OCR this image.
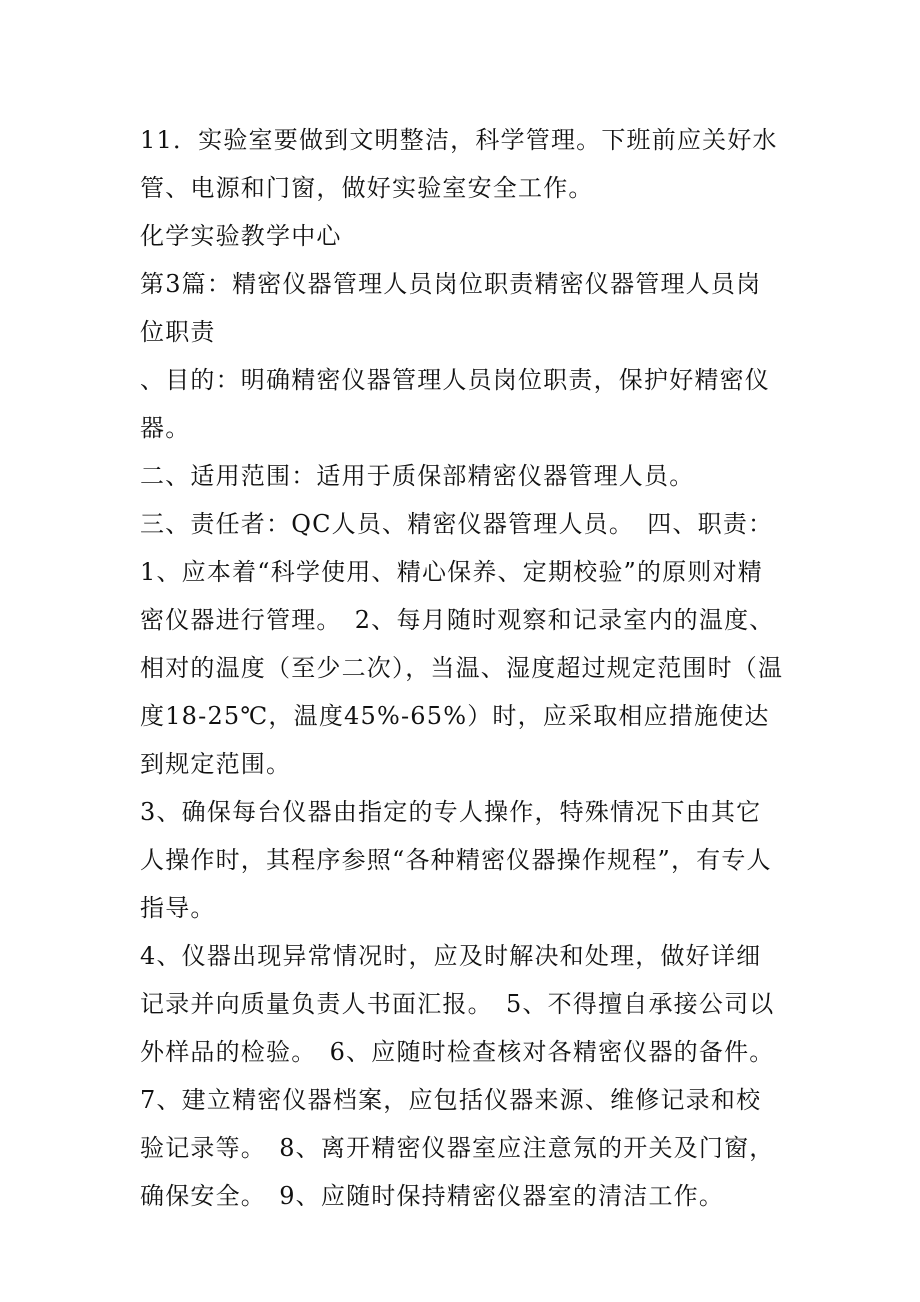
11．实验室要做到文明整洁，科学管理。下班前应关好水管、电源和门窗，做好实验室安全工作。

化学实验教学中心

第3篇：精密仪器管理人员岗位职责精密仪器管理人员岗位职责

、目的：明确精密仪器管理人员岗位职责，保护好精密仪器。

二、适用范围：适用于质保部精密仪器管理人员。

三、责任者：QC人员、精密仪器管理人员。　四、职责：

1、应本着“科学使用、精心保养、定期校验”的原则对精密仪器进行管理。　2、每月随时观察和记录室内的温度、相对的温度（至少二次），当温、湿度超过规定范围时（温度18-25℃，温度45%-65%）时，应采取相应措施使达到规定范围。

3、确保每台仪器由指定的专人操作，特殊情况下由其它人操作时，其程序参照“各种精密仪器操作规程”，有专人指导。

4、仪器出现异常情况时，应及时解决和处理，做好详细记录并向质量负责人书面汇报。　5、不得擅自承接公司以外样品的检验。　6、应随时检查核对各精密仪器的备件。

7、建立精密仪器档案，应包括仪器来源、维修记录和校验记录等。　8、离开精密仪器室应注意氖的开关及门窗，确保安全。　9、应随时保持精密仪器室的清洁工作。
